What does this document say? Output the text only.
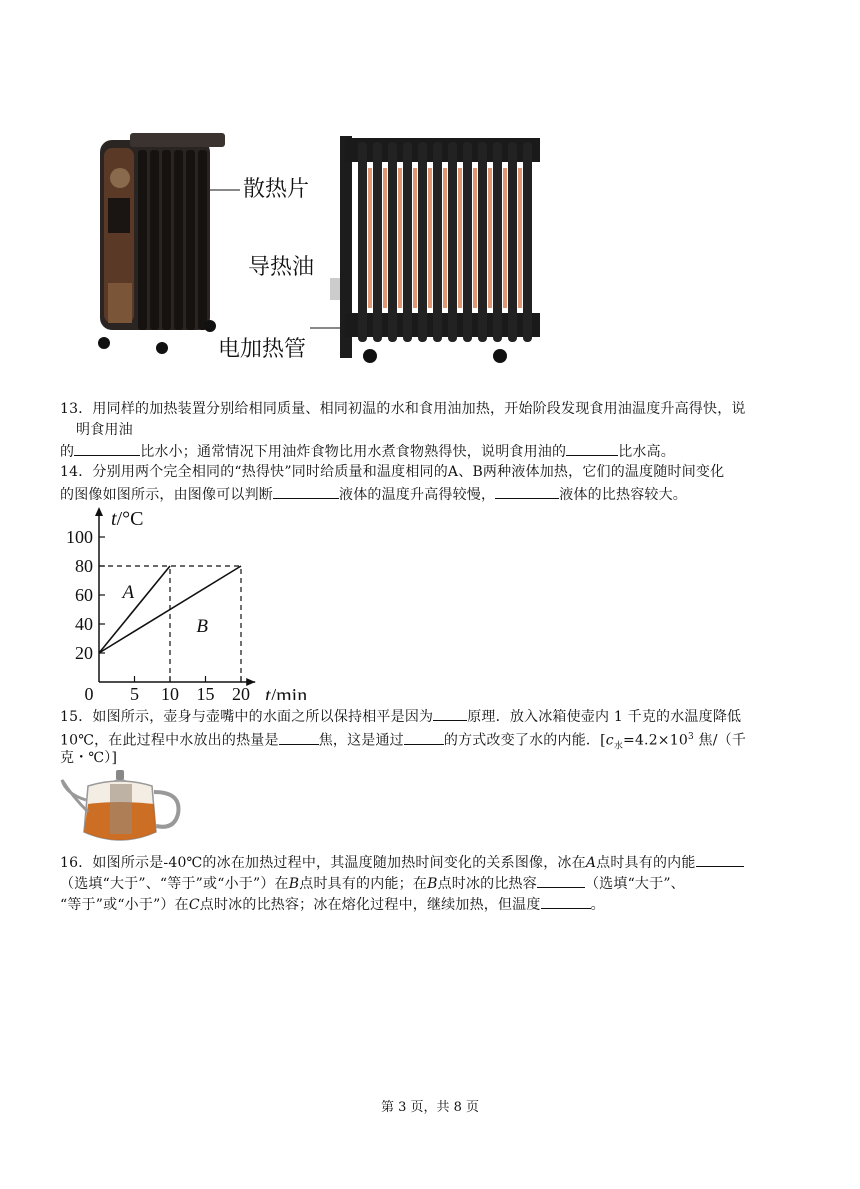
散热片
导热油
电加热管
13．用同样的加热装置分别给相同质量、相同初温的水和食用油加热，开始阶段发现食用油温度升高得快，说
明食用油
的	比水小；通常情况下用油炸食物比用水煮食物熟得快，说明食用油的	比水高。
14．分别用两个完全相同的“热得快”同时给质量和温度相同的A、B两种液体加热，它们的温度随时间变化
的图像如图所示，由图像可以判断	液体的温度升高得较慢，	液体的比热容较大。
20
40
60
80
100
0 5 10 15 20
A
B
t/°C
t/min
15．如图所示，壶身与壶嘴中的水面之所以保持相平是因为 原理．放入冰箱使壶内 1 千克的水温度降低
10℃，在此过程中水放出的热量是	焦，这是通过	的方式改变了水的内能．[$c_水=4.2\times 10^3$ 焦/（千
克・℃）]
16．如图所示是-40℃的冰在加热过程中，其温度随加热时间变化的关系图像，冰在A点时具有的内能
（选填“大于”、“等于”或“小于”）在B点时具有的内能；在B点时冰的比热容	（选填“大于”、
“等于”或“小于”）在C点时冰的比热容；冰在熔化过程中，继续加热，但温度	。
第 3 页，共 8 页
